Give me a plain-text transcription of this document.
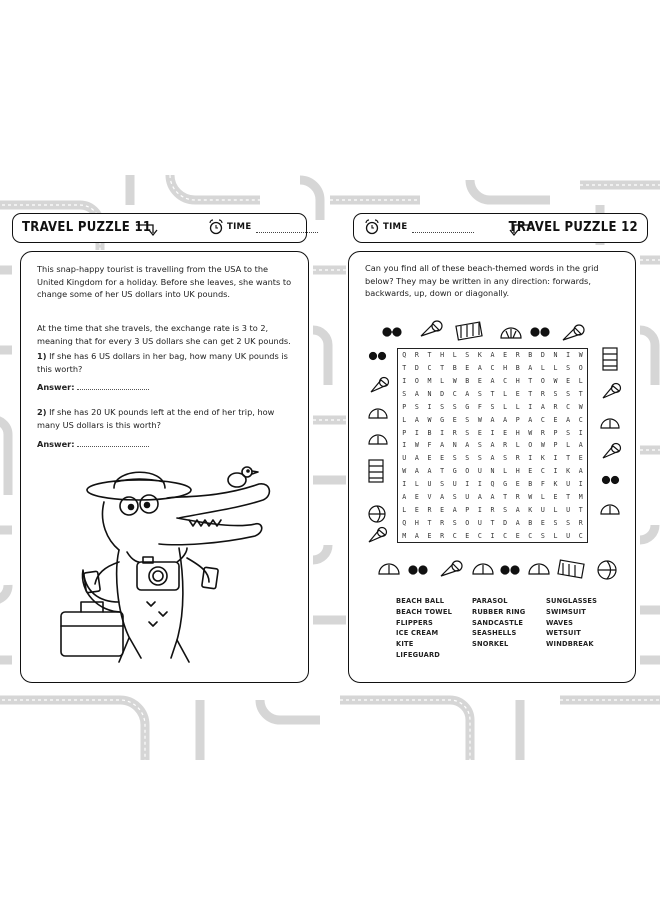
TRAVEL PUZZLE 11	TIME	TIME	TRAVEL PUZZLE 12
This snap-happy tourist is travelling from the USA to the United Kingdom for a holiday. Before she leaves, she wants to change some of her US dollars into UK pounds.
At the time that she travels, the exchange rate is 3 to 2, meaning that for every 3 US dollars she can get 2 UK pounds.
1) If she has 6 US dollars in her bag, how many UK pounds is this worth?
Answer:
2) If she has 20 UK pounds left at the end of her trip, how many US dollars is this worth?
Answer:
Can you find all of these beach-themed words in the grid below? They may be written in any direction: forwards, backwards, up, down or diagonally.
Q	R	T	H	L	S	K	A	E	R	B	D	N	I	W
T	D	C	T	B	E	A	C	H	B	A	L	L	S	O
I	O	M	L	W	B	E	A	C	H	T	O	W	E	L
S	A	N	D	C	A	S	T	L	E	T	R	S	S	T
P	S	I	S	S	G	F	S	L	L	I	A	R	C	W
L	A	W	G	E	S	W	A	A	P	A	C	E	A	C
P	I	B	I	R	S	E	I	E	H	W	R	P	S	I
I	W	F	A	N	A	S	A	R	L	O	W	P	L	A
U	A	E	E	S	S	S	A	S	R	I	K	I	T	E
W	A	A	T	G	O	U	N	L	H	E	C	I	K	A
I	L	U	S	U	I	I	Q	G	E	B	F	K	U	I
A	E	V	A	S	U	A	A	T	R	W	L	E	T	M
L	E	R	E	A	P	I	R	S	A	K	U	L	U	T
Q	H	T	R	S	O	U	T	D	A	B	E	S	S	R
M	A	E	R	C	E	C	I	C	E	C	S	L	U	C
BEACH BALL
BEACH TOWEL
FLIPPERS
ICE CREAM
KITE
LIFEGUARD
PARASOL
RUBBER RING
SANDCASTLE
SEASHELLS
SNORKEL
SUNGLASSES
SWIMSUIT
WAVES
WETSUIT
WINDBREAK
